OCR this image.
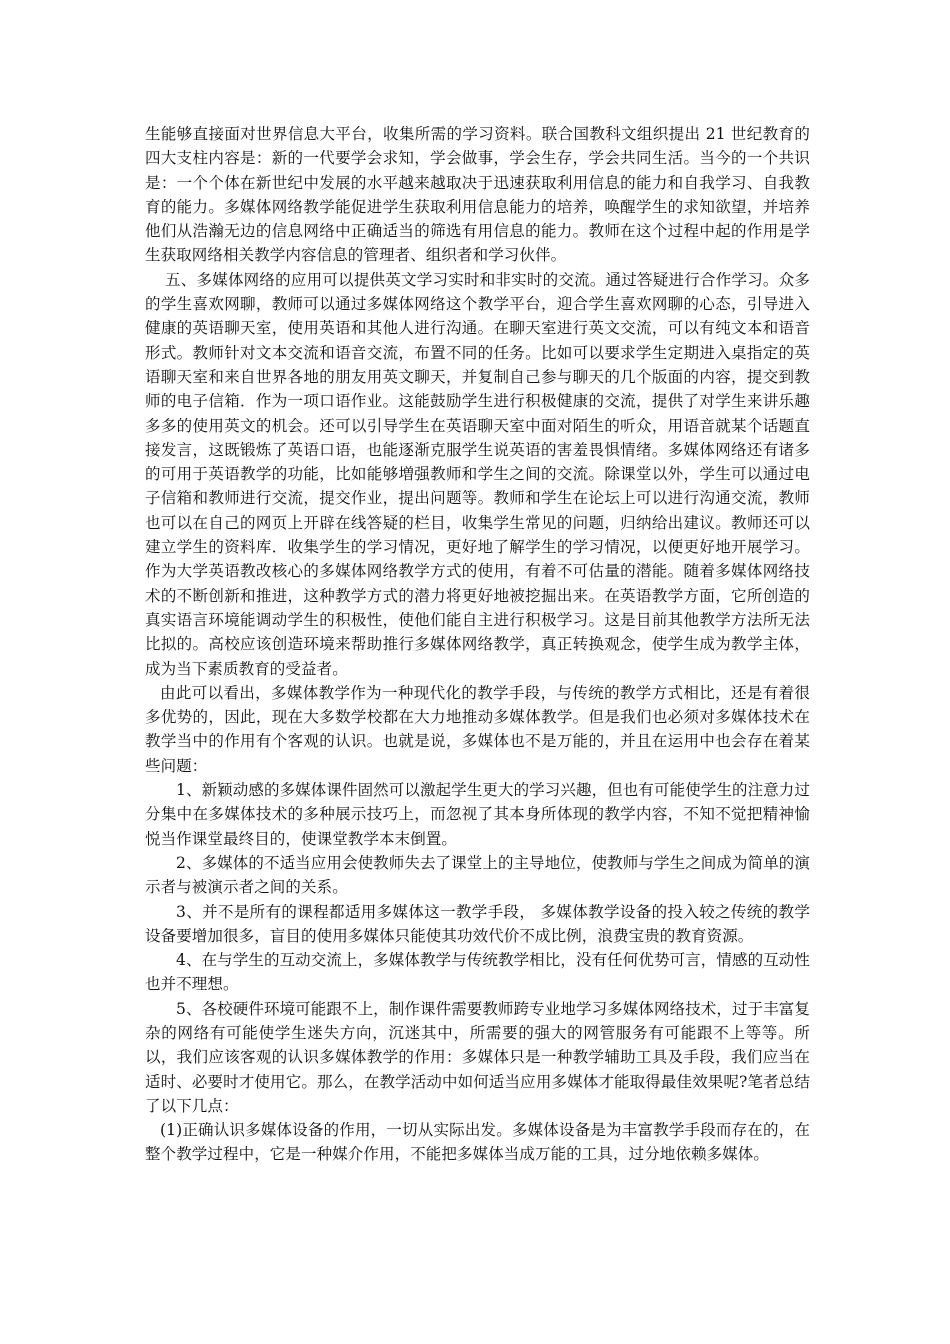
生能够直接面对世界信息大平台，收集所需的学习资料。联合国教科文组织提出 21 世纪教育的四大支柱内容是：新的一代要学会求知，学会做事，学会生存，学会共同生活。当今的一个共识是：一个个体在新世纪中发展的水平越来越取决于迅速获取利用信息的能力和自我学习、自我教育的能力。多媒体网络教学能促进学生获取利用信息能力的培养，唤醒学生的求知欲望，并培养他们从浩瀚无边的信息网络中正确适当的筛选有用信息的能力。教师在这个过程中起的作用是学生获取网络相关教学内容信息的管理者、组织者和学习伙伴。

五、多媒体网络的应用可以提供英文学习实时和非实时的交流。通过答疑进行合作学习。众多的学生喜欢网聊，教师可以通过多媒体网络这个教学平台，迎合学生喜欢网聊的心态，引导进入健康的英语聊天室，使用英语和其他人进行沟通。在聊天室进行英文交流，可以有纯文本和语音形式。教师针对文本交流和语音交流，布置不同的任务。比如可以要求学生定期进入桌指定的英语聊天室和来自世界各地的朋友用英文聊天，并复制自己参与聊天的几个版面的内容，提交到教师的电子信箱．作为一项口语作业。这能鼓励学生进行积极健康的交流，提供了对学生来讲乐趣多多的使用英文的机会。还可以引导学生在英语聊天室中面对陌生的听众，用语音就某个话题直接发言，这既锻炼了英语口语，也能逐渐克服学生说英语的害羞畏惧情绪。多媒体网络还有诸多的可用于英语教学的功能，比如能够増强教师和学生之间的交流。除课堂以外，学生可以通过电子信箱和教师进行交流，提交作业，提出问题等。教师和学生在论坛上可以进行沟通交流，教师也可以在自己的网页上开辟在线答疑的栏目，收集学生常见的问题，归纳给出建议。教师还可以建立学生的资料库．收集学生的学习情况，更好地了解学生的学习情况，以便更好地开展学习。作为大学英语教改核心的多媒体网络教学方式的使用，有着不可估量的潜能。随着多媒体网络技术的不断创新和推进，这种教学方式的潜力将更好地被挖掘出来。在英语教学方面，它所创造的真实语言环境能调动学生的积极性，使他们能自主进行积极学习。这是目前其他教学方法所无法比拟的。高校应该创造环境来帮助推行多媒体网络教学，真正转换观念，使学生成为教学主体，成为当下素质教育的受益者。

由此可以看出，多媒体教学作为一种现代化的教学手段，与传统的教学方式相比，还是有着很多优势的，因此，现在大多数学校都在大力地推动多媒体教学。但是我们也必须对多媒体技术在教学当中的作用有个客观的认识。也就是说，多媒体也不是万能的，并且在运用中也会存在着某些问题：

1、新颖动感的多媒体课件固然可以激起学生更大的学习兴趣，但也有可能使学生的注意力过分集中在多媒体技术的多种展示技巧上，而忽视了其本身所体现的教学内容，不知不觉把精神愉悦当作课堂最终目的，使课堂教学本末倒置。

2、多媒体的不适当应用会使教师失去了课堂上的主导地位，使教师与学生之间成为简单的演示者与被演示者之间的关系。

3、并不是所有的课程都适用多媒体这一教学手段， 多媒体教学设备的投入较之传统的教学设备要增加很多，盲目的使用多媒体只能使其功效代价不成比例，浪费宝贵的教育资源。

4、在与学生的互动交流上，多媒体教学与传统教学相比，没有任何优势可言，情感的互动性也并不理想。

5、各校硬件环境可能跟不上，制作课件需要教师跨专业地学习多媒体网络技术，过于丰富复杂的网络有可能使学生迷失方向，沉迷其中，所需要的强大的网管服务有可能跟不上等等。所以，我们应该客观的认识多媒体教学的作用：多媒体只是一种教学辅助工具及手段，我们应当在适时、必要时才使用它。那么，在教学活动中如何适当应用多媒体才能取得最佳效果呢?笔者总结了以下几点：

(1)正确认识多媒体设备的作用，一切从实际出发。多媒体设备是为丰富教学手段而存在的，在整个教学过程中，它是一种媒介作用，不能把多媒体当成万能的工具，过分地依赖多媒体。
